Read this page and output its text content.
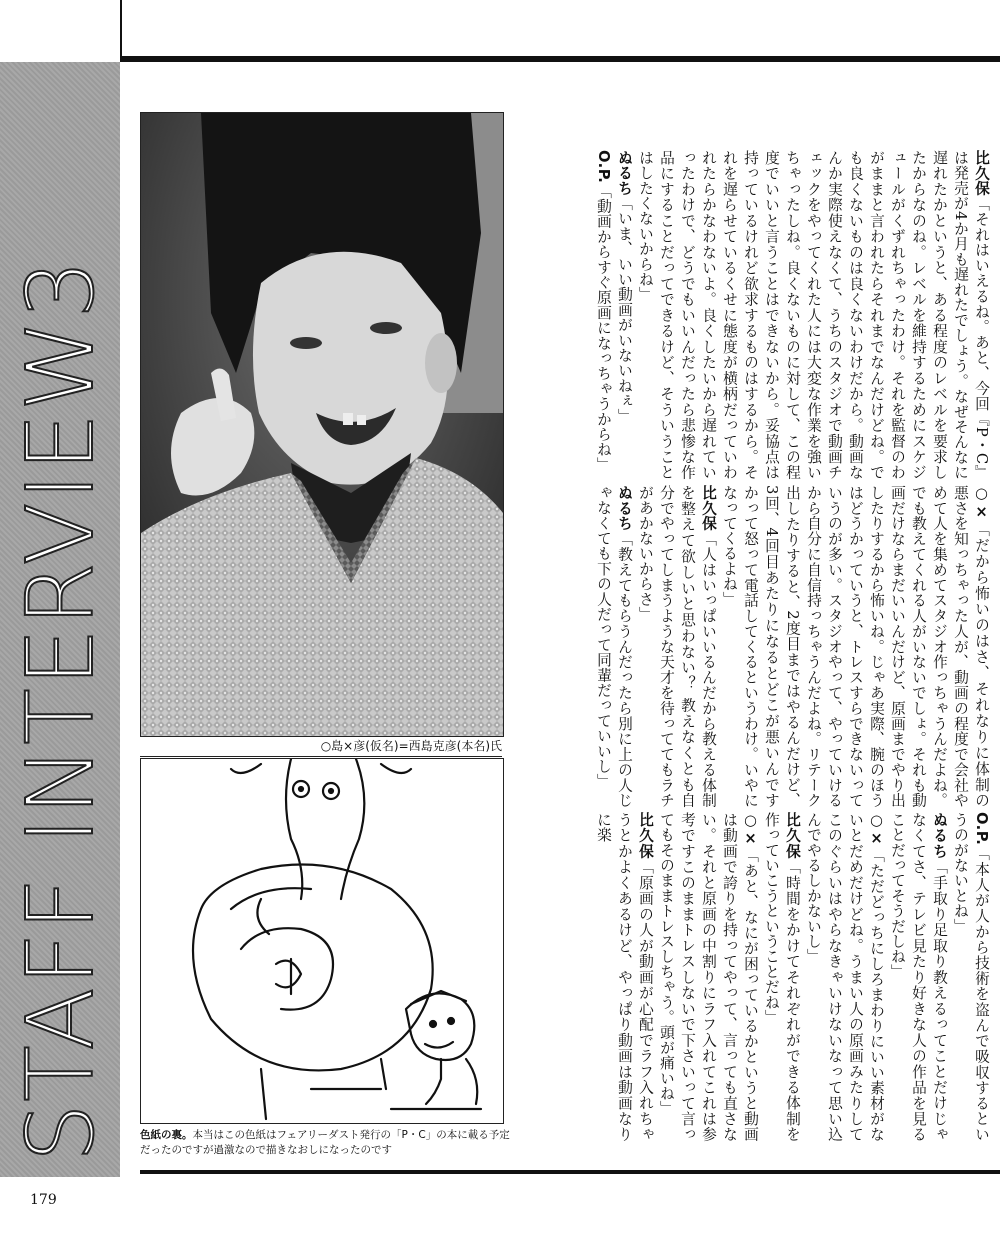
STAFF INTERVIEW3
179
○島×彦(仮名)=西島克彦(本名)氏
色紙の裏。本当はこの色紙はフェアリーダスト発行の「P・C」の本に載る予定だったのですが過激なので描きなおしになったのです

比久保「それはいえるね。あと、今回『P・C』は発売が4か月も遅れたでしょう。なぜそんなに遅れたかというと、ある程度のレベルを要求したからなのね。レベルを維持するためにスケジュールがくずれちゃったわけ。それを監督のわがままと言われたらそれまでなんだけどね。でも良くないものは良くないわけだから。動画なんか実際使えなくて、うちのスタジオで動画チェックをやってくれた人には大変な作業を強いちゃったしね。良くないものに対して、この程度でいいと言うことはできないから。妥協点は持っているけれど欲求するものはするから。それを遅らせているくせに態度が横柄だっていわれたらかなわないよ。良くしたいから遅れていったわけで、どうでもいいんだったら悲惨な作品にすることだってできるけど、そういうことはしたくないからね」

ぬるち「いま、いい動画がいないねぇ」

O.P.「動画からすぐ原画になっちゃうからね」

○×「だから怖いのはさ、それなりに体制の悪さを知っちゃった人が、動画の程度で会社やめて人を集めてスタジオ作っちゃうんだよね。でも教えてくれる人がいないでしょ。それも動画だけならまだいいんだけど、原画までやり出したりするから怖いね。じゃあ実際、腕のほうはどうかっていうと、トレスすらできないっていうのが多い。スタジオやって、やっていけるから自分に自信持っちゃうんだよね。リテーク出したりすると、2度目まではやるんだけど、3回、4回目あたりになるとどこが悪いんですかって怒って電話してくるというわけ。いやになってくるよね」

比久保「人はいっぱいいるんだから教える体制を整えて欲しいと思わない？ 教えなくとも自分でやってしまうような天才を待っててもラチがあかないからさ」

ぬるち「教えてもらうんだったら別に上の人じゃなくても下の人だって同輩だっていいし」

O.P.「本人が人から技術を盗んで吸収するというのがないとね」

ぬるち「手取り足取り教えるってことだけじゃなくてさ、テレビ見たり好きな人の作品を見ることだってそうだしね」

○×「ただどっちにしろまわりにいい素材がないとだめだけどね。うまい人の原画みたりしてこのぐらいはやらなきゃいけないなって思い込んでやるしかないし」

比久保「時間をかけてそれぞれができる体制を作っていこうということだね」

○×「あと、なにが困っているかというと動画は動画で誇りを持ってやって、言っても直さない。それと原画の中割りにラフ入れてこれは参考ですこのままトレスしないで下さいって言ってもそのままトレスしちゃう。頭が痛いね」

比久保「原画の人が動画が心配でラフ入れちゃうとかよくあるけど、やっぱり動画は動画なりに楽
